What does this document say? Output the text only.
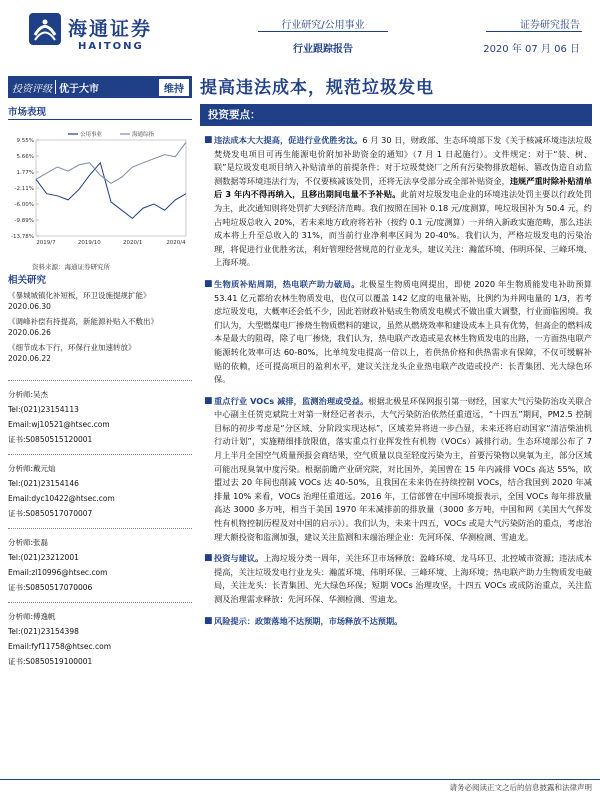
海通证券
HAITONG
行业研究/公用事业
行业跟踪报告
证券研究报告
2020 年 07 月 06 日
投资评级 优于大市	维持 提高违法成本，规范垃圾发电
市场表现
9.55%
5.66%
1.77%
-2.11%
-6.00%
-9.89%
-13.78%
2019/7	2019/10	2020/1	2020/4
公用事业	海通综指
资料来源：海通证券研究所
相关研究
《暴城城镇化补短板，环卫设施提规扩能》
2020.06.30
《调峰补偿有持提高，新能源补贴入不敷出》
2020.06.26
《细节成本下行，环保行业加速转放》
2020.06.22
分析师:吴杰
Tel:(021)23154113
Email:wj10521@htsec.com
证书:S0850515120001
分析师:戴元灿
Tel:(021)23154146
Email:dyc10422@htsec.com
证书:S0850517070007
分析师:张磊
Tel:(021)23212001
Email:zl10996@htsec.com
证书:S0850517070006
分析师:傅逸帆
Tel:(021)23154398
Email:fyf11758@htsec.com
证书:S0850519100001
投资要点：
■ 违法成本大大提高，促进行业优胜劣汰。6 月 30 日，财政部、生态环境部下发《关于核减环境违法垃圾焚烧发电项目可再生能源电价附加补助资金的通知》（7 月 1 日起施行）。文件规定：对于“装、树、联”是垃圾发电项目纳入补贴清单的前提条件；对于垃圾焚烧厂之所有污染物排放超标、篡改伪造自动监测数据等环境违法行为，不仅要核减该处罚，还将无法享受部分或全部补贴资金，违规严重时除补贴清单后 3 年内不得再纳入，且移出期间电量不予补贴。此前对垃圾发电企业的环境违法处罚主要以行政处罚为主，此次通知则将处罚扩大到经济范畴。我们按照在国补 0.18 元/度测算，吨垃圾国补为 50.4 元，约占吨垃圾总收入 20%，若未来地方政府将若补（按约 0.1 元/度测算）一并纳入新政实施范畴，那么违法成本将上升至总收入的 31%，而当前行业净利率区间为 20-40%。我们认为，严格垃圾发电的污染治理，将促进行业优胜劣汰，利好管理经营规范的行业龙头，建议关注：瀚蓝环境、伟明环保、三峰环境、上海环境。

■ 生物质补贴周期，热电联产助力破局。北极星生物质电网提出，即使 2020 年生物质能发电补助预算 53.41 亿元都给农林生物质发电，也仅可以覆盖 142 亿度的电量补贴，比例约为并网电量的 1/3，若考虑垃圾发电，大概率还会低不少，因此若财政补贴或生物质发电模式不做出重大调整，行业面临困境。我们认为，大型燃煤电厂掺烧生物质燃料的建议，虽然从燃烧效率和建设成本上具有优势，但高企的燃料成本是最大的阻碍，除了电厂掺烧，我们认为，热电联产改造或是农林生物质发电的出路，一方面热电联产能源转化效率可达 60-80%，比单纯发电提高一倍以上，若供热价格和供热需求有保障，不仅可缓解补贴的依赖，还可提高项目的盈利水平，建议关注龙头企业热电联产改造或投产：长青集团、光大绿色环保。

■ 重点行业 VOCs 减排，监测治理或受益。根据北极星环保网报引第一财经，国家大气污染防治攻关联合中心副主任贺克斌院士对第一财经记者表示，大气污染防治依然任重道远，“十四五”期间，PM2.5 控制目标的初步考虑是“分区域、分阶段实现达标”，区域差异将进一步凸显，未来还将启动国家“清洁柴油机行动计划”，实施精细排放限值，落实重点行业挥发性有机物（VOCs）减排行动。生态环境部公布了 7 月上半月全国空气质量预报会商结果，空气质量以良至轻度污染为主，首要污染物以臭氧为主，部分区域可能出现臭氧中度污染。根据前瞻产业研究院，对比国外，美国曾在 15 年内减排 VOCs 高达 55%，欧盟过去 20 年间也削减 VOCs 达 40-50%，且我国在未来仍在持续控制 VOCs，结合我国到 2020 年减排量 10% 来看，VOCs 治理任重道远。2016 年，工信部曾在中国环境报表示，全国 VOCs 每年排放量高达 3000 多万吨，相当于美国 1970 年未减排前的排放量（3000 多万吨，中国和网《美国大气挥发性有机物控制历程及对中国的启示》）。我们认为，未来十四五，VOCs 或是大气污染防治的重点，考虑治理大额投资和监测加强，建议关注监测和末端治理企业：先河环保、华测检测、雪迪龙。

■ 投资与建议。上海垃圾分类一周年，关注环卫市场释放：盈峰环境、龙马环卫、北控城市资源；违法成本提高，关注垃圾发电行业龙头：瀚蓝环境、伟明环保、三峰环境、上海环境；热电联产助力生物质发电破局，关注龙头：长青集团、光大绿色环保；短期 VOCs 治理攻坚，十四五 VOCs 或成防治重点，关注监测及治理需求释放：先河环保、华测检测、雪迪龙。

■ 风险提示：政策落地不达预期，市场释放不达预期。

请务必阅读正文之后的信息披露和法律声明
